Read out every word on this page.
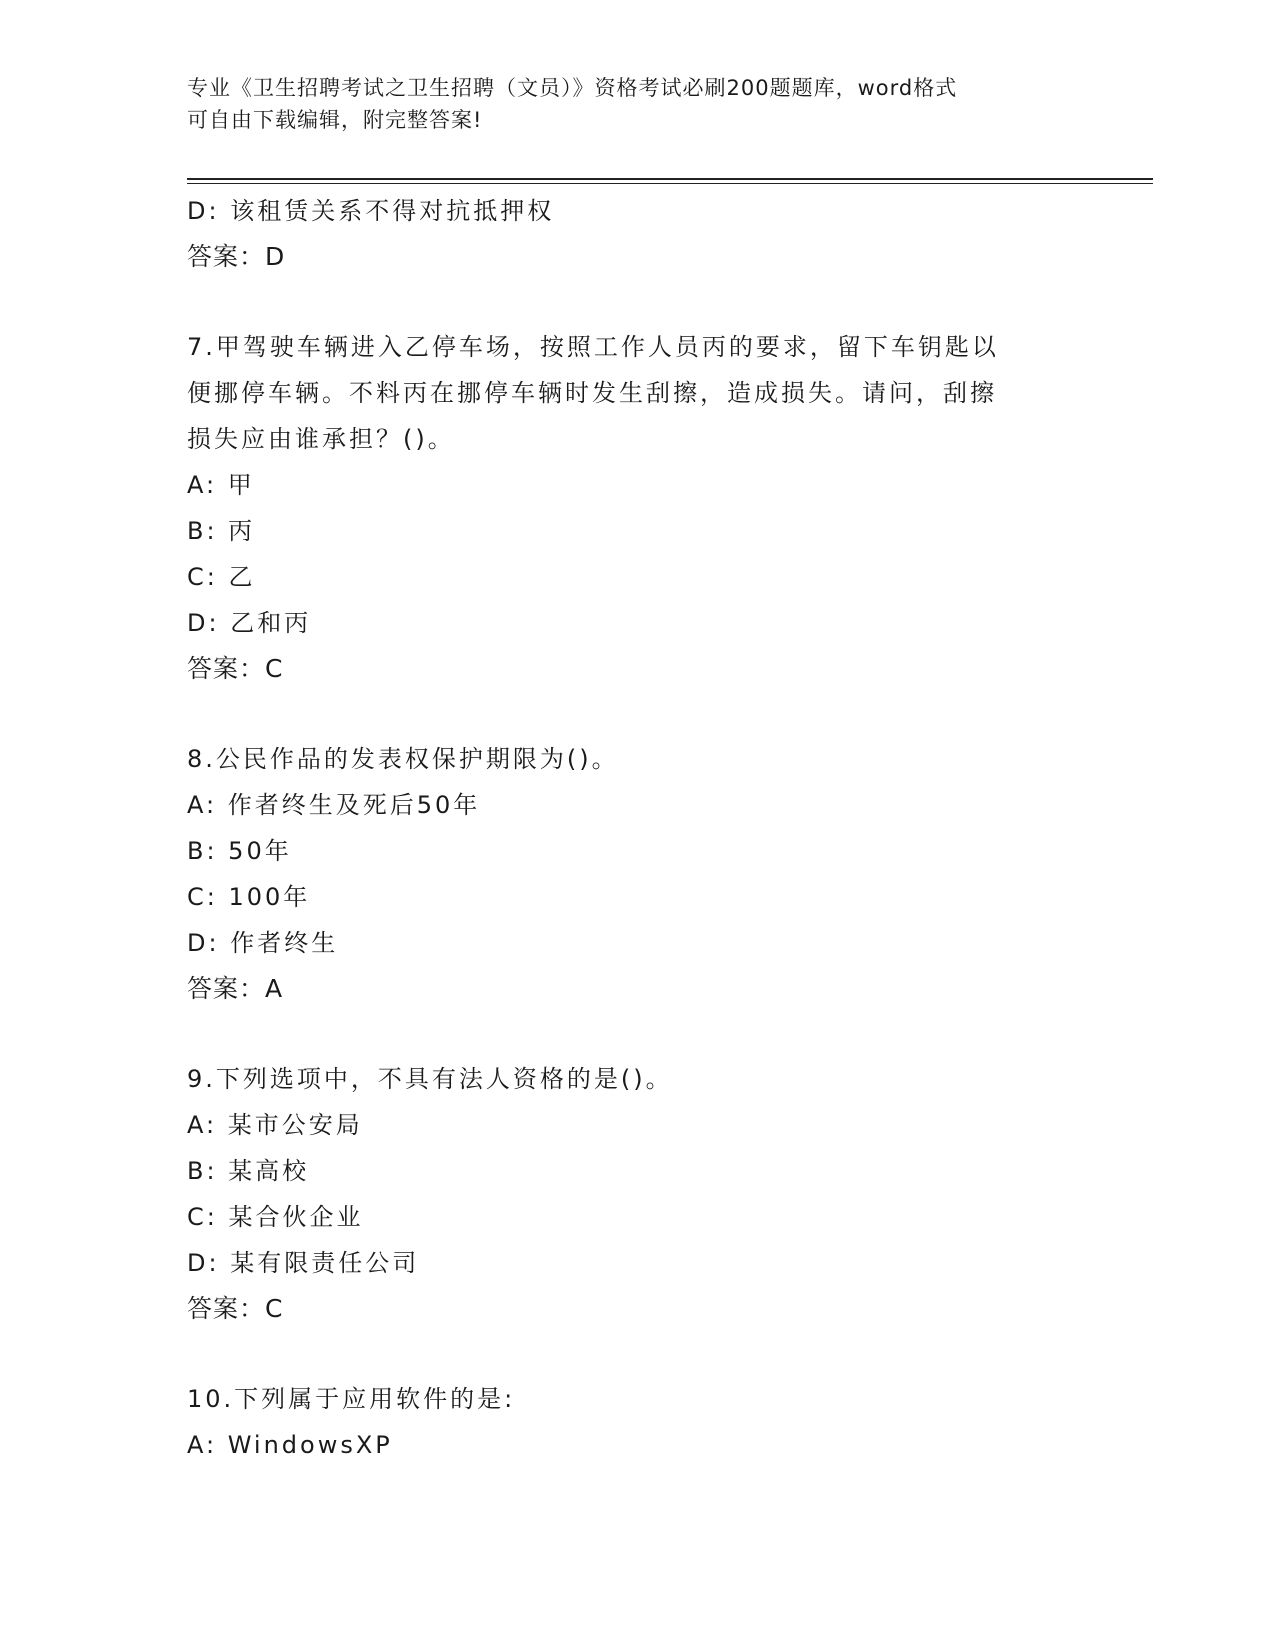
专业《卫生招聘考试之卫生招聘（文员）》资格考试必刷200题题库，word格式
可自由下载编辑，附完整答案!
D: 该租赁关系不得对抗抵押权
答案：D
7.甲驾驶车辆进入乙停车场，按照工作人员丙的要求，留下车钥匙以
便挪停车辆。不料丙在挪停车辆时发生刮擦，造成损失。请问，刮擦
损失应由谁承担？()。
A: 甲
B: 丙
C: 乙
D: 乙和丙
答案：C
8.公民作品的发表权保护期限为()。
A: 作者终生及死后50年
B: 50年
C: 100年
D: 作者终生
答案：A
9.下列选项中，不具有法人资格的是()。
A: 某市公安局
B: 某高校
C: 某合伙企业
D: 某有限责任公司
答案：C
10.下列属于应用软件的是:
A: WindowsXP
